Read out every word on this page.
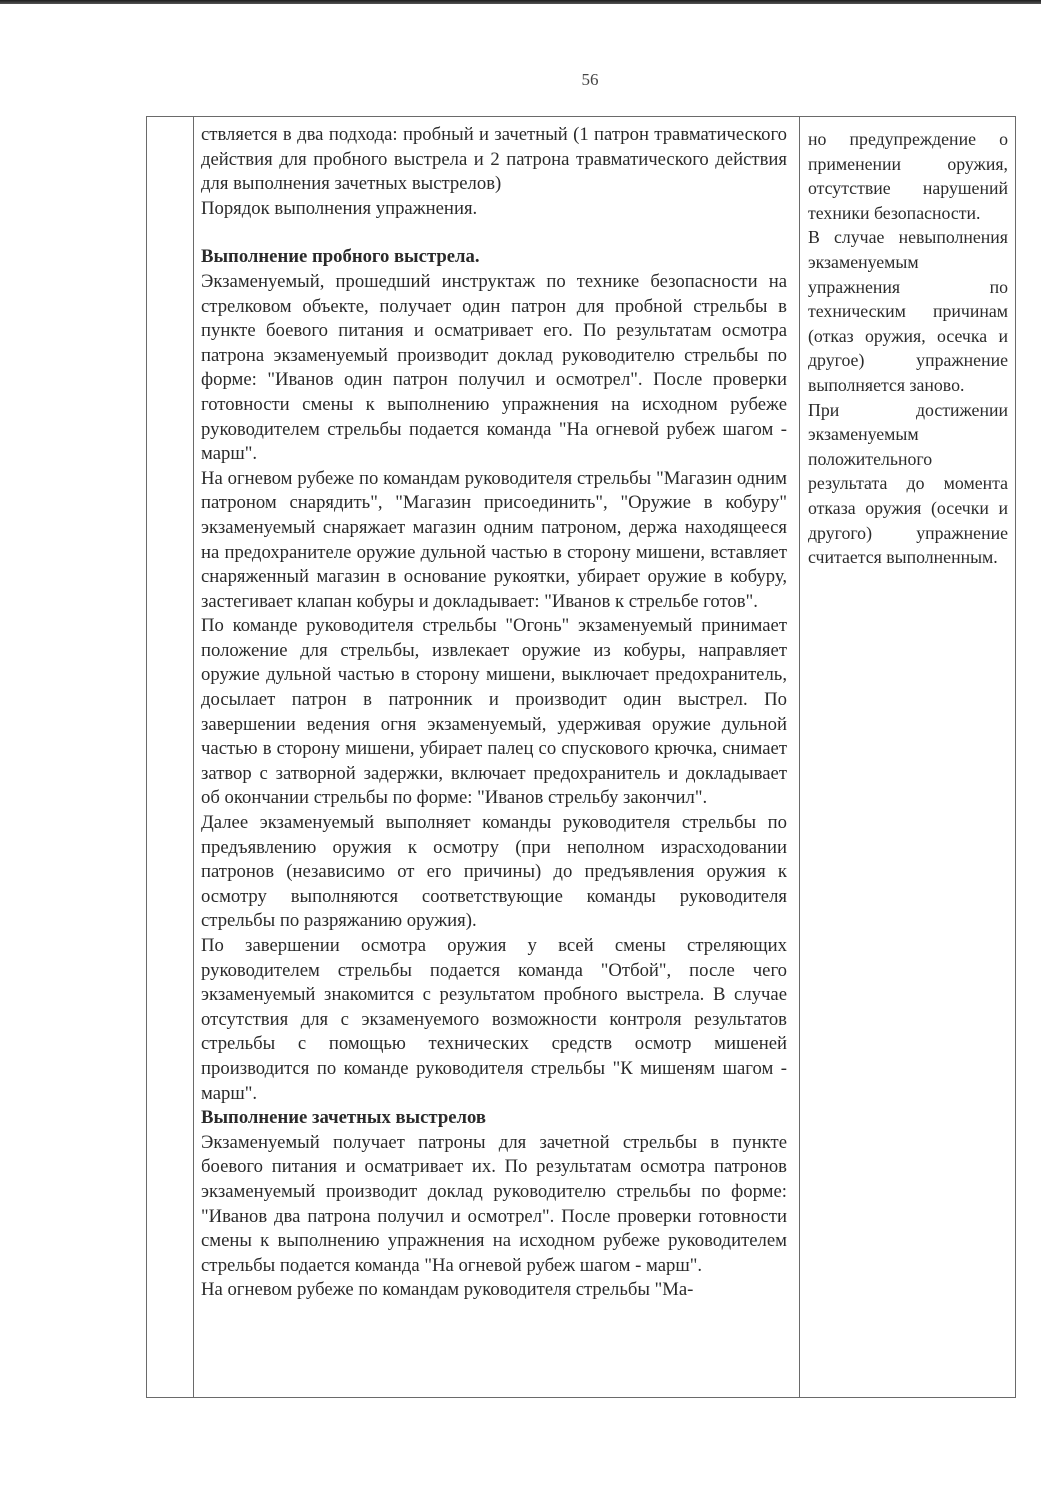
56

ствляется в два подхода: пробный и зачетный (1 патрон травматического действия для пробного выстрела и 2 патрона травматического действия для выполнения зачетных выстрелов)

Порядок выполнения упражнения.

Выполнение пробного выстрела.

Экзаменуемый, прошедший инструктаж по технике безопасности на стрелковом объекте, получает один патрон для пробной стрельбы в пункте боевого питания и осматривает его. По результатам осмотра патрона экзаменуемый производит доклад руководителю стрельбы по форме: "Иванов один патрон получил и осмотрел". После проверки готовности смены к выполнению упражнения на исходном рубеже руководителем стрельбы подается команда "На огневой рубеж шагом - марш".

На огневом рубеже по командам руководителя стрельбы "Магазин одним патроном снарядить", "Магазин присоединить", "Оружие в кобуру" экзаменуемый снаряжает магазин одним патроном, держа находящееся на предохранителе оружие дульной частью в сторону мишени, вставляет снаряженный магазин в основание рукоятки, убирает оружие в кобуру, застегивает клапан кобуры и докладывает: "Иванов к стрельбе готов".

По команде руководителя стрельбы "Огонь" экзаменуемый принимает положение для стрельбы, извлекает оружие из кобуры, направляет оружие дульной частью в сторону мишени, выключает предохранитель, досылает патрон в патронник и производит один выстрел. По завершении ведения огня экзаменуемый, удерживая оружие дульной частью в сторону мишени, убирает палец со спускового крючка, снимает затвор с затворной задержки, включает предохранитель и докладывает об окончании стрельбы по форме: "Иванов стрельбу закончил".

Далее экзаменуемый выполняет команды руководителя стрельбы по предъявлению оружия к осмотру (при неполном израсходовании патронов (независимо от его причины) до предъявления оружия к осмотру выполняются соответствующие команды руководителя стрельбы по разряжанию оружия).

По завершении осмотра оружия у всей смены стреляющих руководителем стрельбы подается команда "Отбой", после чего экзаменуемый знакомится с результатом пробного выстрела. В случае отсутствия для с экзаменуемого возможности контроля результатов стрельбы с помощью технических средств осмотр мишеней производится по команде руководителя стрельбы "К мишеням шагом - марш".

Выполнение зачетных выстрелов

Экзаменуемый получает патроны для зачетной стрельбы в пункте боевого питания и осматривает их. По результатам осмотра патронов экзаменуемый производит доклад руководителю стрельбы по форме: "Иванов два патрона получил и осмотрел". После проверки готовности смены к выполнению упражнения на исходном рубеже руководителем стрельбы подается команда "На огневой рубеж шагом - марш".

На огневом рубеже по командам руководителя стрельбы "Ма-

но предупреждение о применении оружия, отсутствие нарушений техники безопасности.

В случае невыполнения экзаменуемым упражнения по техническим причинам (отказ оружия, осечка и другое) упражнение выполняется заново.

При достижении экзаменуемым положительного результата до момента отказа оружия (осечки и другого) упражнение считается выполненным.
